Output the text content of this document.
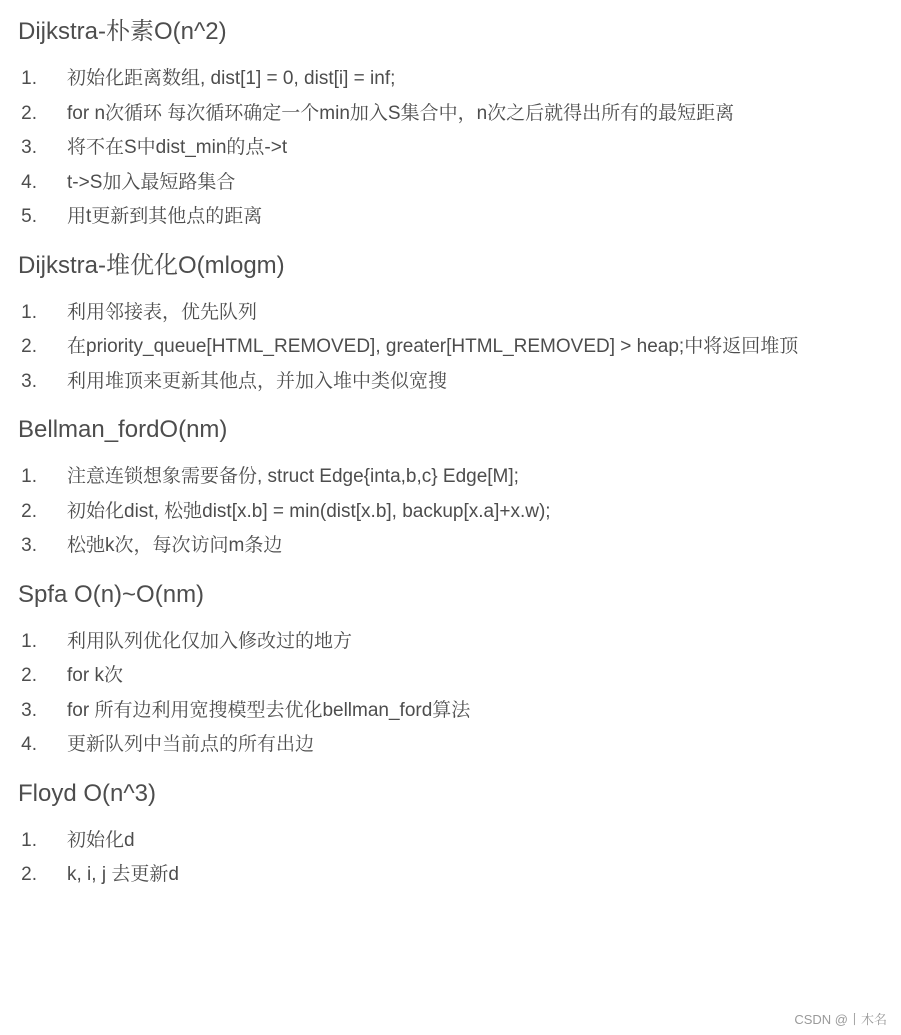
Dijkstra-朴素O(n^2)
1.	初始化距离数组, dist[1] = 0, dist[i] = inf;
2.	for n次循环 每次循环确定一个min加入S集合中，n次之后就得出所有的最短距离
3.	将不在S中dist_min的点->t
4.	t->S加入最短路集合
5.	用t更新到其他点的距离
Dijkstra-堆优化O(mlogm)
1.	利用邻接表，优先队列
2.	在priority_queue[HTML_REMOVED], greater[HTML_REMOVED] > heap;中将返回堆顶
3.	利用堆顶来更新其他点，并加入堆中类似宽搜
Bellman_fordO(nm)
1.	注意连锁想象需要备份, struct Edge{inta,b,c} Edge[M];
2.	初始化dist, 松弛dist[x.b] = min(dist[x.b], backup[x.a]+x.w);
3.	松弛k次，每次访问m条边
Spfa O(n)~O(nm)
1.	利用队列优化仅加入修改过的地方
2.	for k次
3.	for 所有边利用宽搜模型去优化bellman_ford算法
4.	更新队列中当前点的所有出边
Floyd O(n^3)
1.	初始化d
2.	k, i, j 去更新d
CSDN @丨木名
